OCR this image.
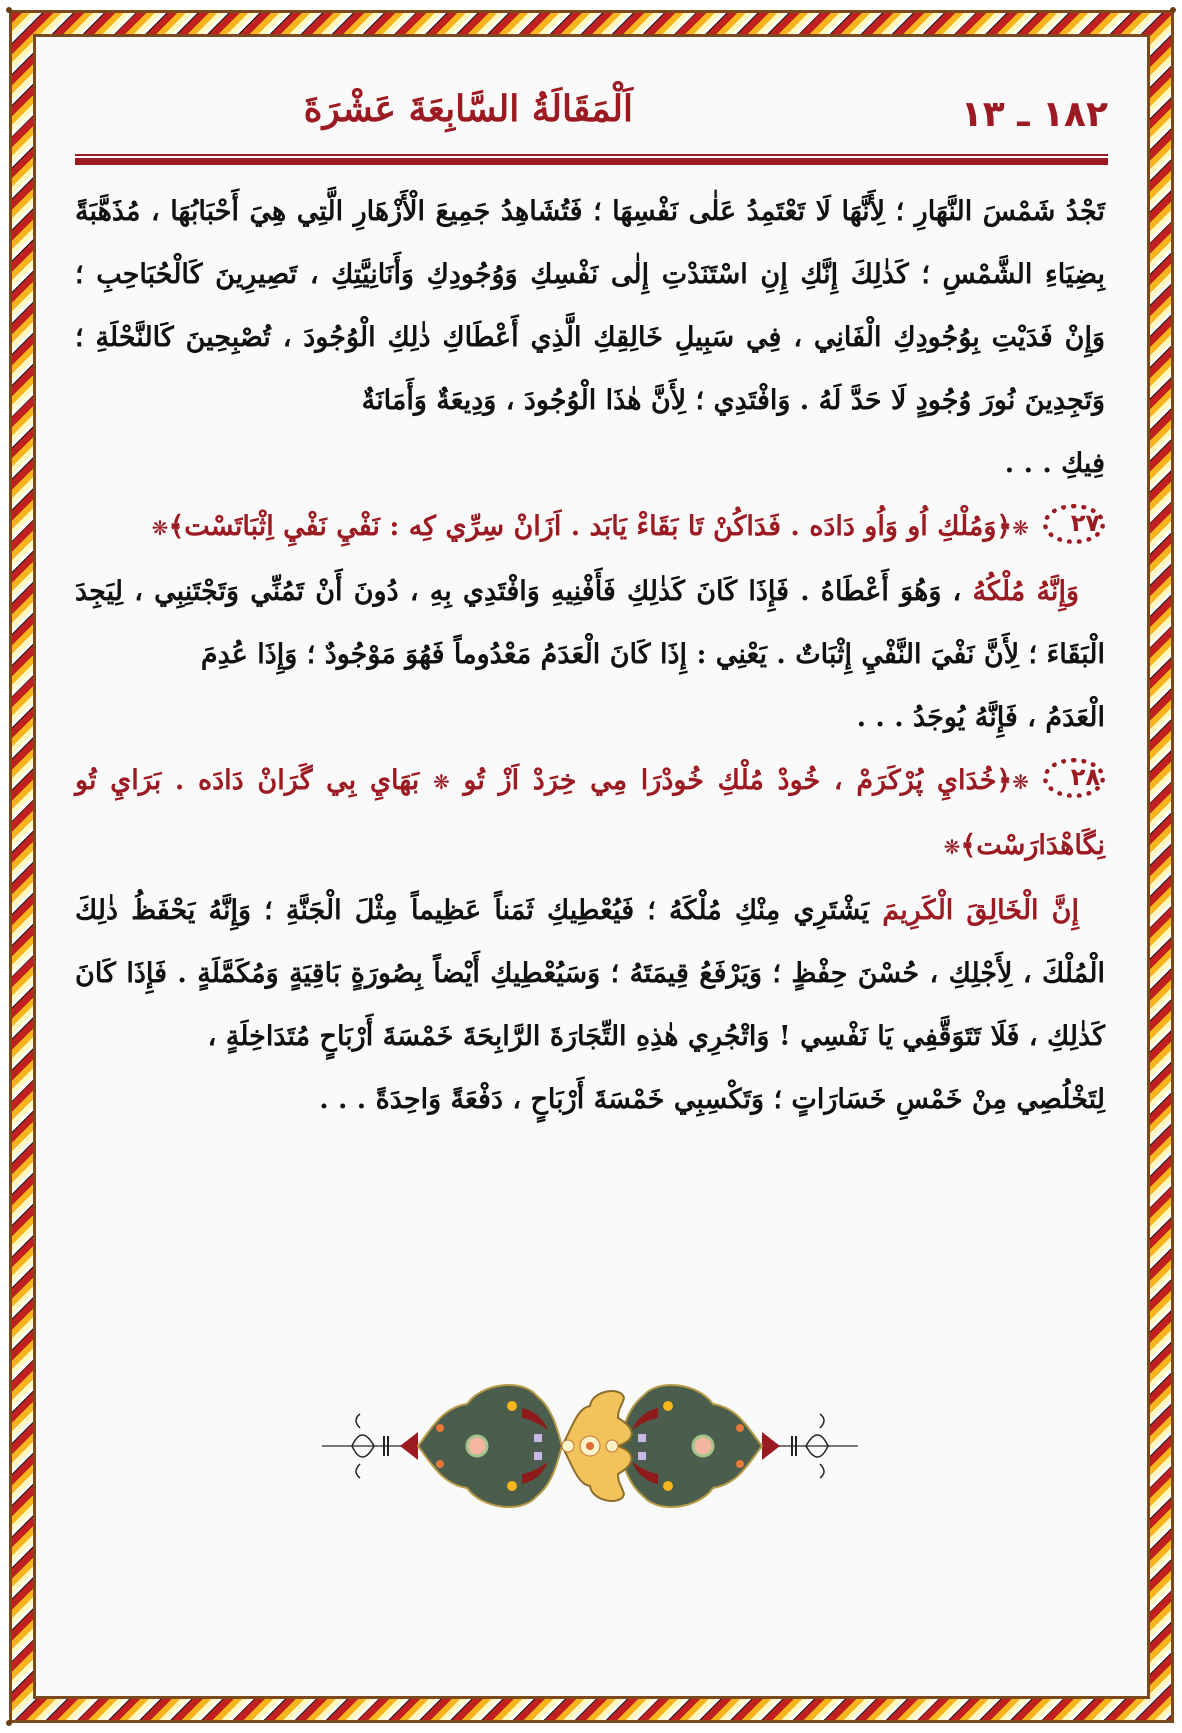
١٨٢ ـ ١٣
اَلْمَقَالَةُ السَّابِعَةَ عَشْرَةَ

تَجْدُ شَمْسَ النَّهَارِ ؛ لِأَنَّهَا لَا تَعْتَمِدُ عَلٰى نَفْسِهَا ؛ فَتُشَاهِدُ جَمِيعَ الْأَزْهَارِ الَّتِي هِيَ أَحْبَابُهَا ، مُذَهَّبَةً بِضِيَاءِ الشَّمْسِ ؛ كَذٰلِكَ إِنَّكِ إِنِ اسْتَنَدْتِ إِلٰى نَفْسِكِ وَوُجُودِكِ وَأَنَانِيَّتِكِ ، تَصِيرِينَ كَالْحُبَاحِبِ ؛ وَإِنْ فَدَيْتِ بِوُجُودِكِ الْفَانِي ، فِي سَبِيلِ خَالِقِكِ الَّذِي أَعْطَاكِ ذٰلِكِ الْوُجُودَ ، تُصْبِحِينَ كَالنَّحْلَةِ ؛ وَتَجِدِينَ نُورَ وُجُودٍ لَا حَدَّ لَهُ . وَافْتَدِي ؛ لِأَنَّ هٰذَا الْوُجُودَ ، وَدِيعَةٌ وَأَمَانَةٌ
فِيكِ . . .

٢٧❋﴿وَمُلْكِ اُو وَاُو دَادَه . فَدَاكُنْ تَا بَقَاءْ يَابَد . اَزَانْ سِرِّي كِه : نَفْيِ نَفْيِ اِثْبَاتَسْت﴾❋

وَإِنَّهُ مُلْكُهُ ، وَهُوَ أَعْطَاهُ . فَإِذَا كَانَ كَذٰلِكِ فَأَفْنِيهِ وَافْتَدِي بِهِ ، دُونَ أَنْ تَمُنِّي وَتَجْتَنِبِي ، لِيَجِدَ الْبَقَاءَ ؛ لِأَنَّ نَفْيَ النَّفْيِ إِثْبَاتٌ . يَعْنِي : إِذَا كَانَ الْعَدَمُ مَعْدُوماً فَهُوَ مَوْجُودٌ ؛ وَإِذَا عُدِمَ
الْعَدَمُ ، فَإِنَّهُ يُوجَدُ . . .

٢٨❋﴿خُدَايِ پُرْكَرَمْ ، خُودْ مُلْكِ خُودْرَا مِي خِرَدْ اَزْ تُو ❋ بَهَايِ بِي گَرَانْ دَادَه . بَرَايِ تُو نِگَاهْدَارَسْت﴾❋

إِنَّ الْخَالِقَ الْكَرِيمَ يَشْتَرِي مِنْكِ مُلْكَهُ ؛ فَيُعْطِيكِ ثَمَناً عَظِيماً مِثْلَ الْجَنَّةِ ؛ وَإِنَّهُ يَحْفَظُ ذٰلِكَ الْمُلْكَ ، لِأَجْلِكِ ، حُسْنَ حِفْظٍ ؛ وَيَرْفَعُ قِيمَتَهُ ؛ وَسَيُعْطِيكِ أَيْضاً بِصُورَةٍ بَاقِيَةٍ وَمُكَمَّلَةٍ . فَإِذَا كَانَ كَذٰلِكِ ، فَلَا تَتَوَقَّفِي يَا نَفْسِي ! وَاتْجُرِي هٰذِهِ التِّجَارَةَ الرَّابِحَةَ خَمْسَةَ أَرْبَاحٍ مُتَدَاخِلَةٍ ،
لِتَخْلُصِي مِنْ خَمْسِ خَسَارَاتٍ ؛ وَتَكْسِبِي خَمْسَةَ أَرْبَاحٍ ، دَفْعَةً وَاحِدَةً . . .
